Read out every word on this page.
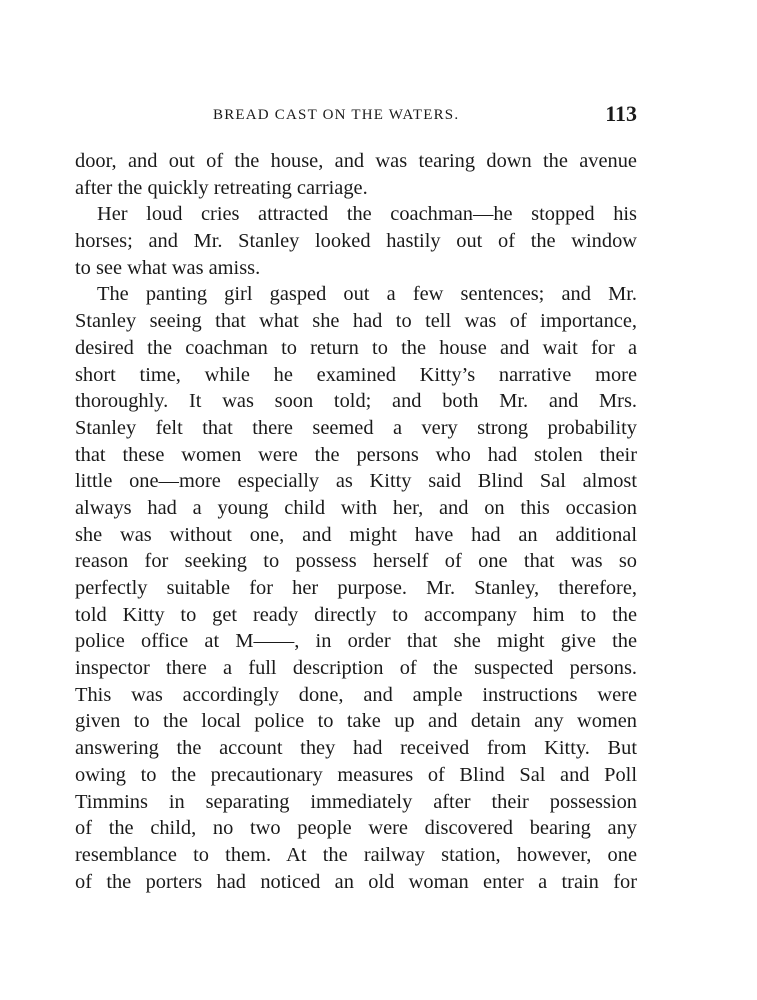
BREAD CAST ON THE WATERS.	113
door, and out of the house, and was tearing down the avenue
after the quickly retreating carriage.
Her loud cries attracted the coachman—he stopped his
horses; and Mr. Stanley looked hastily out of the window
to see what was amiss.
The panting girl gasped out a few sentences; and Mr.
Stanley seeing that what she had to tell was of importance,
desired the coachman to return to the house and wait for a
short time, while he examined Kitty’s narrative more
thoroughly. It was soon told; and both Mr. and Mrs.
Stanley felt that there seemed a very strong probability
that these women were the persons who had stolen their
little one—more especially as Kitty said Blind Sal almost
always had a young child with her, and on this occasion
she was without one, and might have had an additional
reason for seeking to possess herself of one that was so
perfectly suitable for her purpose. Mr. Stanley, therefore,
told Kitty to get ready directly to accompany him to the
police office at M——, in order that she might give the
inspector there a full description of the suspected persons.
This was accordingly done, and ample instructions were
given to the local police to take up and detain any women
answering the account they had received from Kitty. But
owing to the precautionary measures of Blind Sal and Poll
Timmins in separating immediately after their possession
of the child, no two people were discovered bearing any
resemblance to them. At the railway station, however, one
of the porters had noticed an old woman enter a train for
